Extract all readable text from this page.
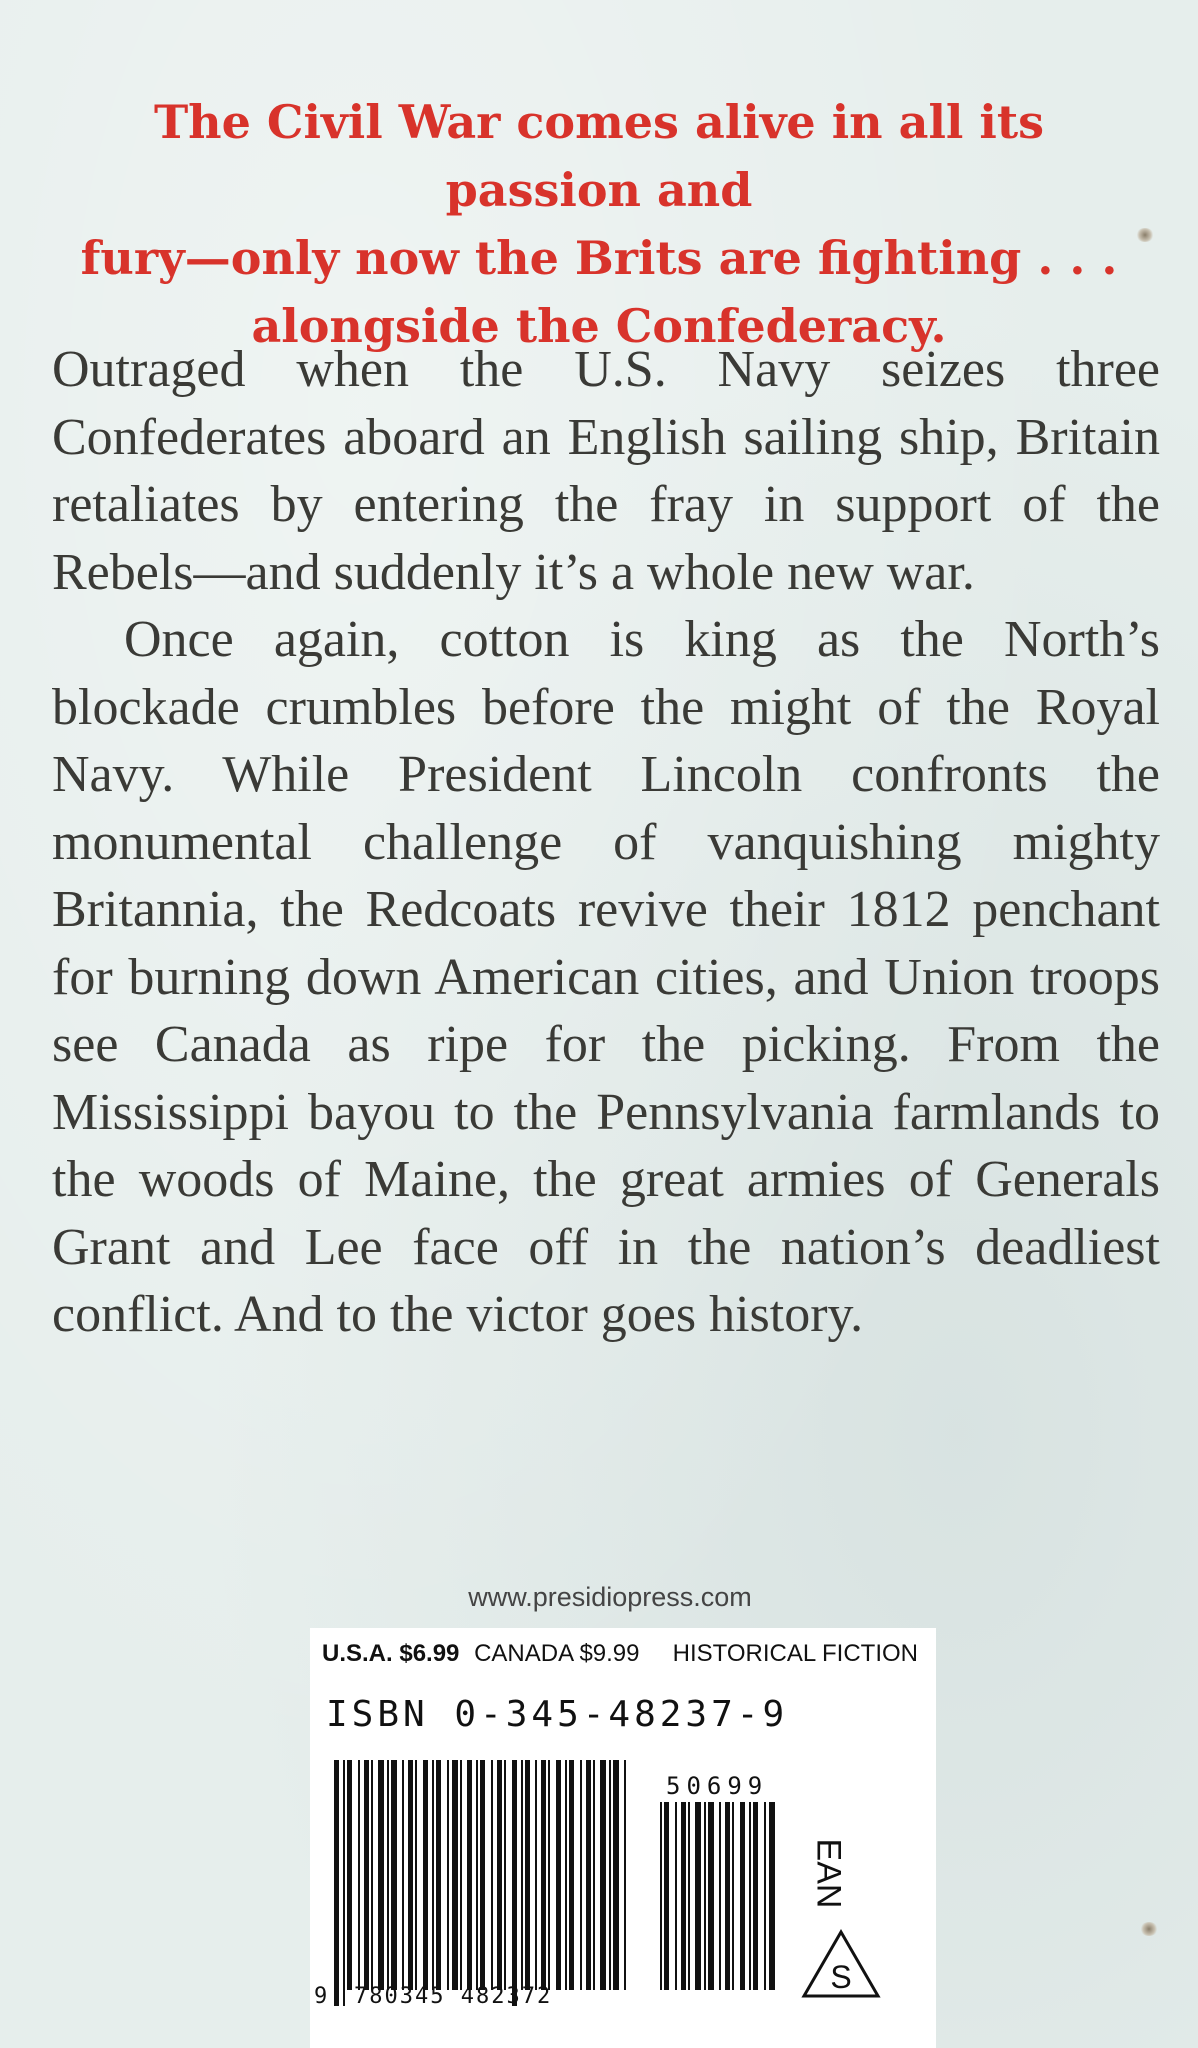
The Civil War comes alive in all its passion and
fury—only now the Brits are fighting . . .
alongside the Confederacy.

Outraged when the U.S. Navy seizes three Confederates aboard an English sailing ship, Britain retaliates by entering the fray in support of the Rebels—and suddenly it’s a whole new war.

Once again, cotton is king as the North’s blockade crumbles before the might of the Royal Navy. While President Lincoln confronts the monumental challenge of vanquishing mighty Britannia, the Redcoats revive their 1812 penchant for burning down American cities, and Union troops see Canada as ripe for the picking. From the Mississippi bayou to the Pennsylvania farmlands to the woods of Maine, the great armies of Generals Grant and Lee face off in the nation’s deadliest conflict. And to the victor goes history.

www.presidiopress.com
U.S.A. $6.99 CANADA $9.99 HISTORICAL FICTION
ISBN 0-345-48237-9
50699
9 780345 482372
EAN
S
